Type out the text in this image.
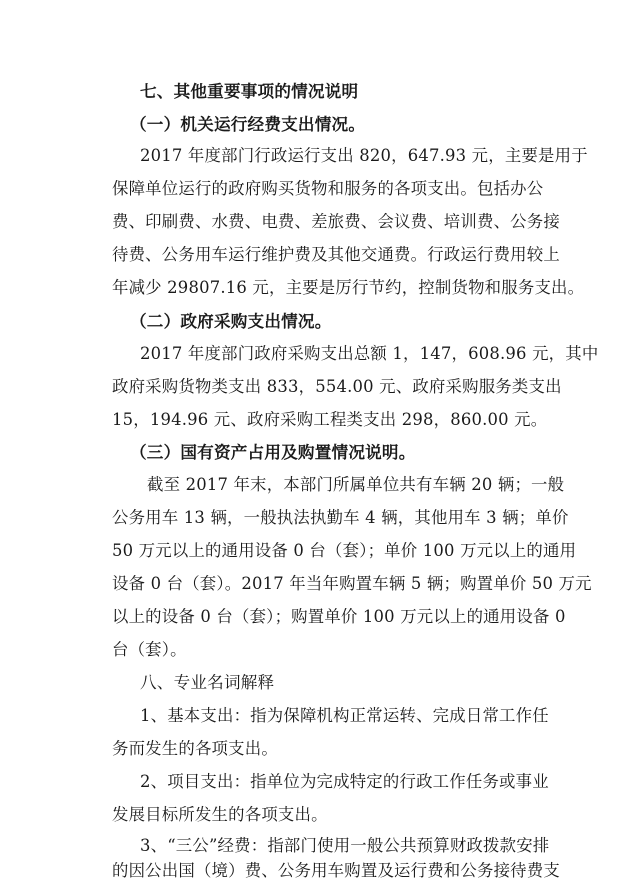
七、其他重要事项的情况说明
（一）机关运行经费支出情况。
2017 年度部门行政运行支出 820，647.93 元，主要是用于
保障单位运行的政府购买货物和服务的各项支出。包括办公
费、印刷费、水费、电费、差旅费、会议费、培训费、公务接
待费、公务用车运行维护费及其他交通费。行政运行费用较上
年减少 29807.16 元，主要是厉行节约，控制货物和服务支出。
（二）政府采购支出情况。
2017 年度部门政府采购支出总额 1，147，608.96 元，其中
政府采购货物类支出 833，554.00 元、政府采购服务类支出
15，194.96 元、政府采购工程类支出 298，860.00 元。
（三）国有资产占用及购置情况说明。
截至 2017 年末，本部门所属单位共有车辆 20 辆；一般
公务用车 13 辆，一般执法执勤车 4 辆，其他用车 3 辆；单价
50 万元以上的通用设备 0 台（套）；单价 100 万元以上的通用
设备 0 台（套）。2017 年当年购置车辆 5 辆；购置单价 50 万元
以上的设备 0 台（套）；购置单价 100 万元以上的通用设备 0
台（套）。
八、专业名词解释
1、基本支出：指为保障机构正常运转、完成日常工作任
务而发生的各项支出。
2、项目支出：指单位为完成特定的行政工作任务或事业
发展目标所发生的各项支出。
3、“三公”经费：指部门使用一般公共预算财政拨款安排
的因公出国（境）费、公务用车购置及运行费和公务接待费支
